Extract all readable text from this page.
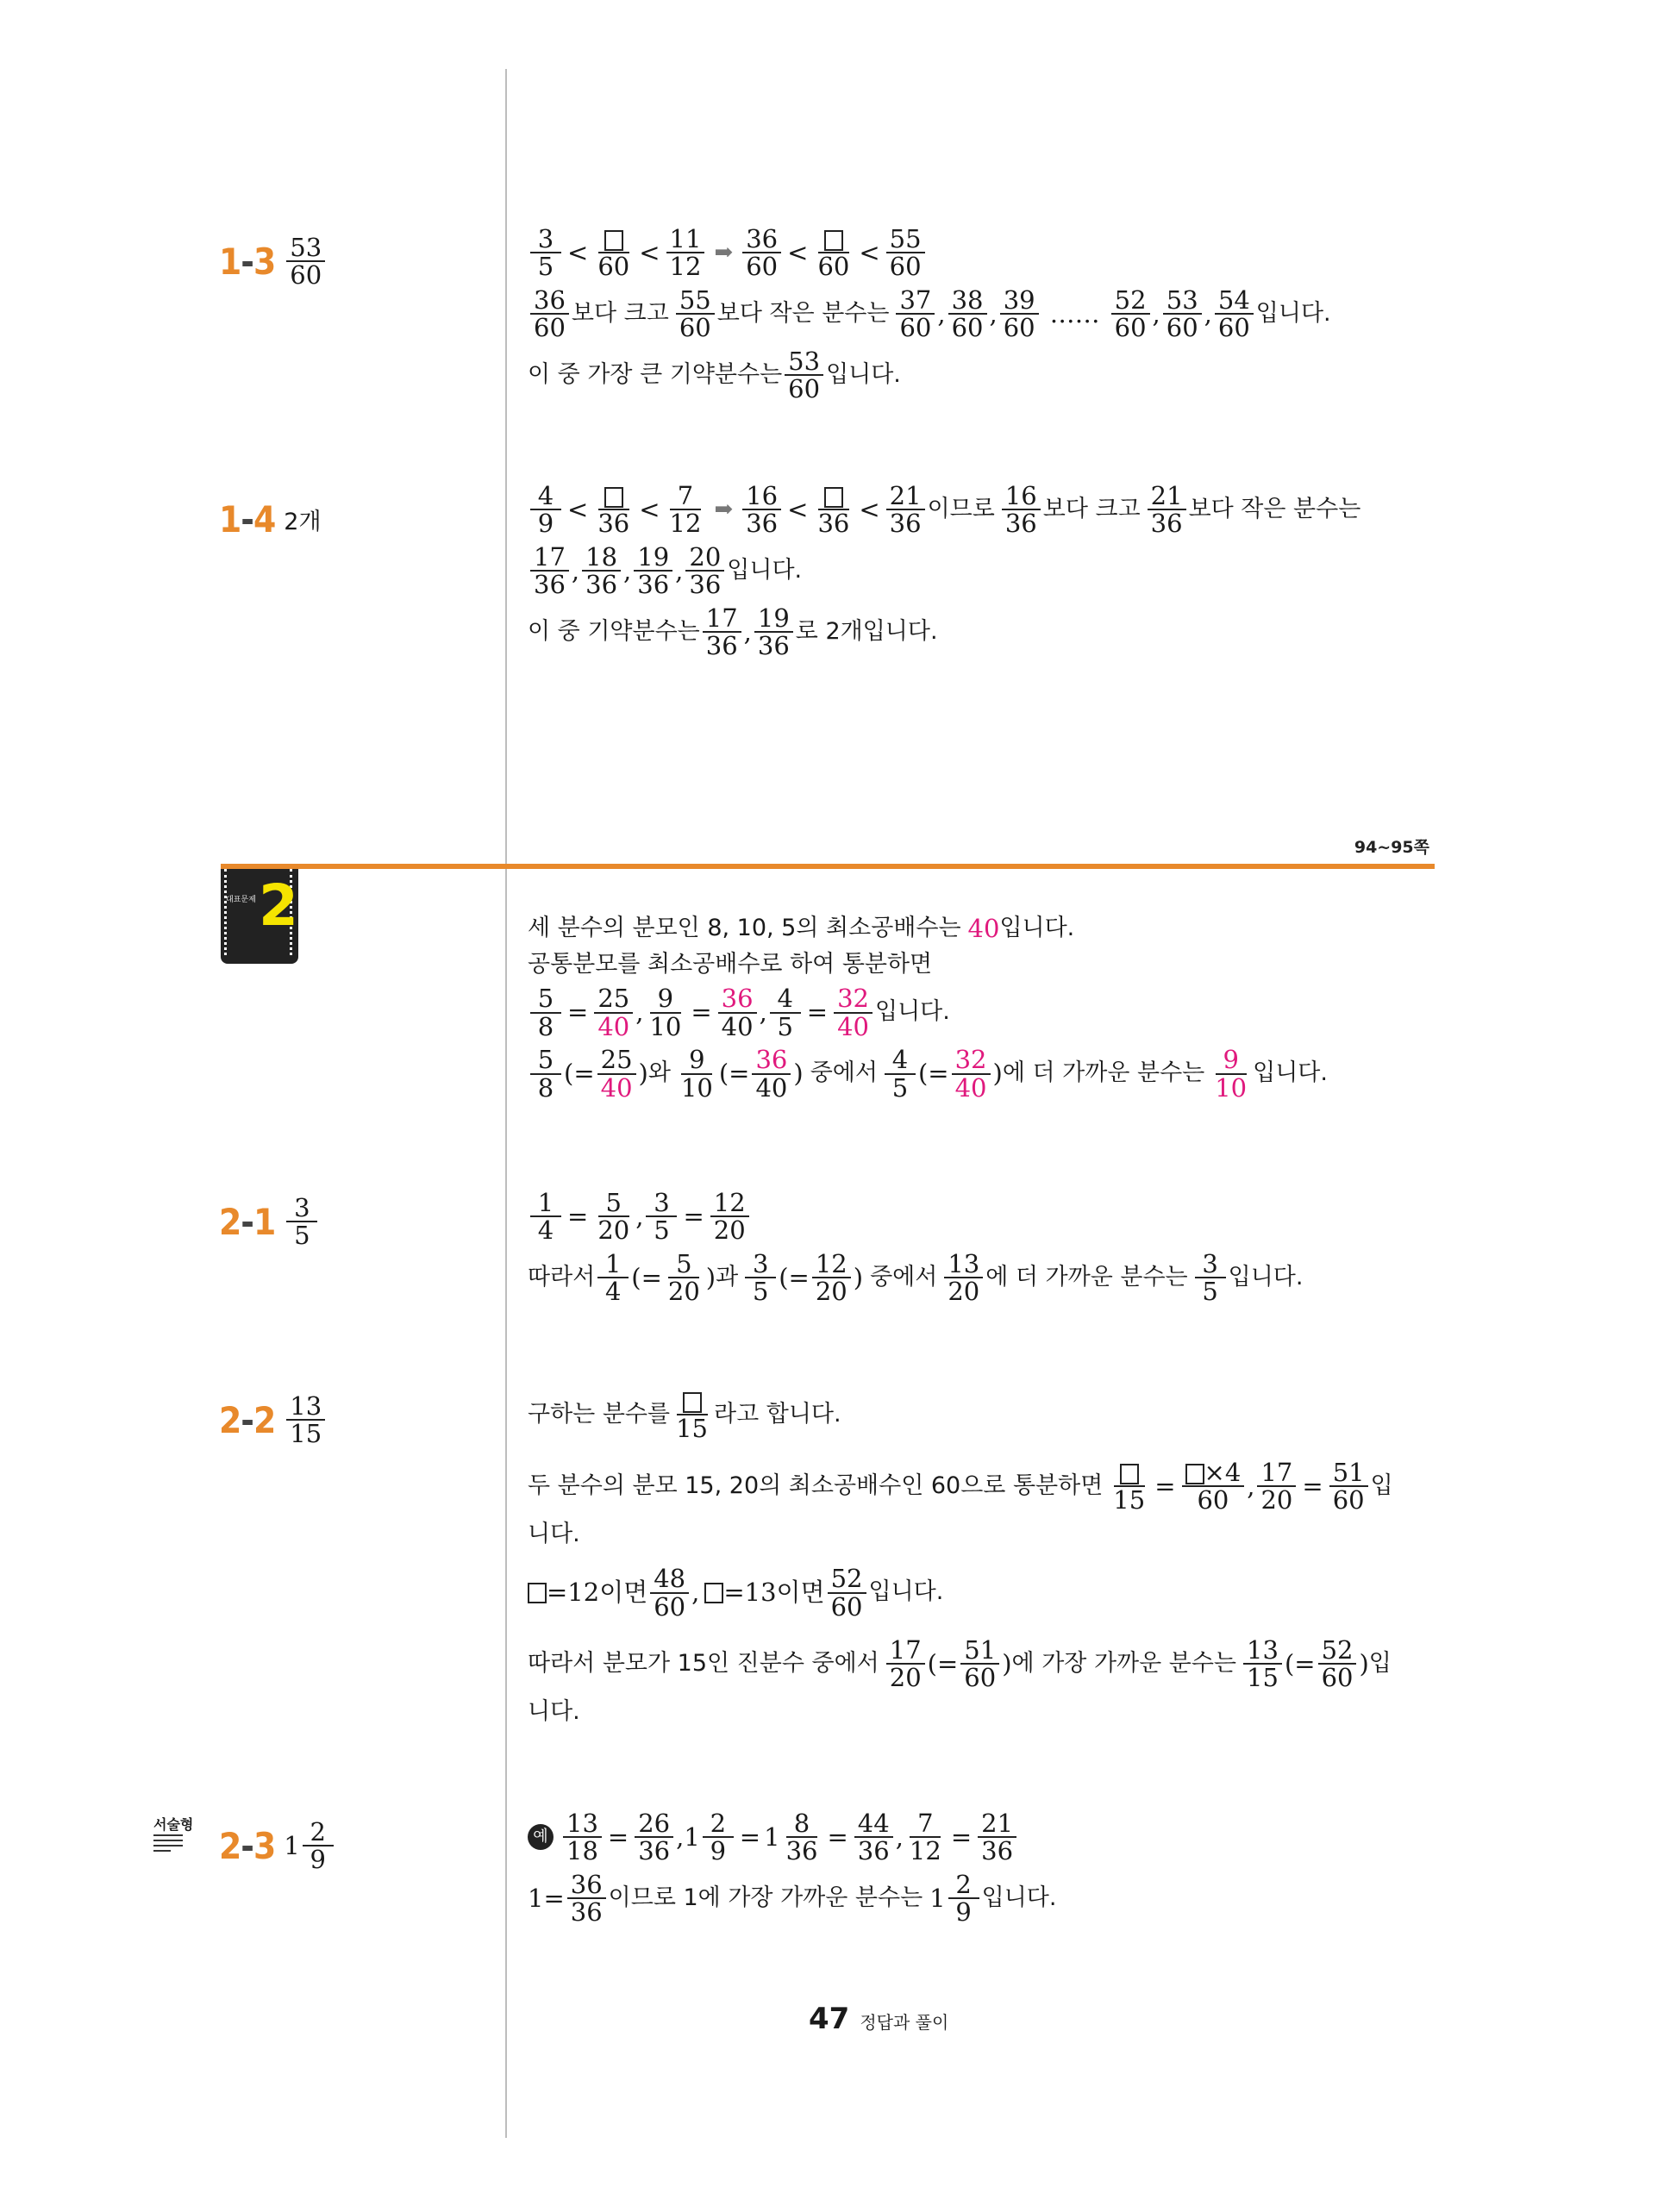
94~95쪽
1-3 53
60
3
5 < 60 < 11
12 ➡ 36
60 < 60 < 55
60
36
60 보다 크고 55
60 보다 작은 분수는 37
60 , 38
60 , 39
60 …… 52
60 , 53
60 , 54
60 입니다.
이 중 가장 큰 기약분수는 53
60 입니다.
1-4 2개
4
9 < 36 < 7
12 ➡ 16
36 < 36 < 21
36 이므로 16
36 보다 크고 21
36 보다 작은 분수는
17
36 , 18
36 , 19
36 , 20
36 입니다.
이 중 기약분수는 17
36 , 19
36 로 2개입니다.
대표문제 2	세 분수의 분모인 8, 10, 5의 최소공배수는 40 입니다.
공통분모를 최소공배수로 하여 통분하면
$\frac{5}{8} = \frac{25}{40}$ , $\frac{9}{10} = \frac{36}{40}$ , $\frac{4}{5} = \frac{32}{40}$ 입니다.
5
8 (= 25
40 ) 와 9
10 (= 36
40 ) 중에서 4
5 (= 32
40 ) 에 더 가까운 분수는 9
10 입니다.
2-1 3
5	$\frac{1}{4} = \frac{5}{20}$ , $\frac{3}{5} = \frac{12}{20}$
따라서 1
4 (= 5
20 ) 과 3
5 (= 12
20 ) 중에서 13
20 에 더 가까운 분수는 3
5 입니다.
2-2 13
15
구하는 분수를 15 라고 합니다.
두 분수의 분모 15, 20의 최소공배수인 60으로 통분하면 $15 = \frac{\times 4}{60}$ , $\frac{17}{20} = \frac{51}{60}$ 입
니다.
=12이면 48
60 , =13이면 52
60 입니다.
따라서 분모가 15인 진분수 중에서 17
20 (= 51
60 ) 에 가장 가까운 분수는 13
15 (= 52
60 ) 입
니다.
서술형
2-3 1 2
9
예 $\frac{13}{18} = \frac{26}{36}$ , 1 2
9 = 1 8
$36 = \frac{44}{36}$ , $\frac{7}{12} = \frac{21}{36}$
$1= \frac{36}{36}$ 이므로 1에 가장 가까운 분수는 1 2
9 입니다.
47 정답과 풀이
